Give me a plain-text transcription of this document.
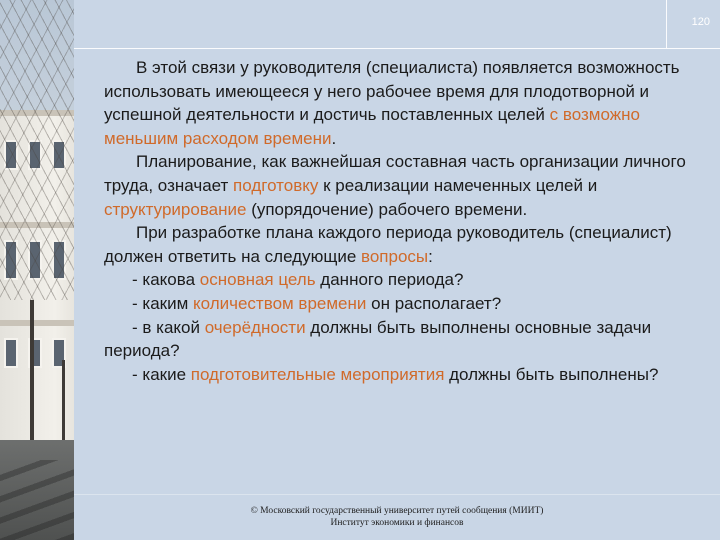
120

В этой связи у руководителя (специалиста) появляется возможность использовать имеющееся у него рабочее время для плодотворной и успешной деятельности и достичь поставленных целей с возможно меньшим расходом времени.

Планирование, как важнейшая составная часть организации личного труда, означает подготовку к реализации намеченных целей и структурирование (упорядочение) рабочего времени.

При разработке плана каждого периода руководитель (специалист) должен ответить на следующие вопросы:

- какова основная цель данного периода?

- каким количеством времени он располагает?

- в какой очерёдности должны быть выполнены основные задачи периода?

- какие подготовительные мероприятия должны быть выполнены?

© Московский государственный университет путей сообщения (МИИТ)
Институт экономики и финансов
